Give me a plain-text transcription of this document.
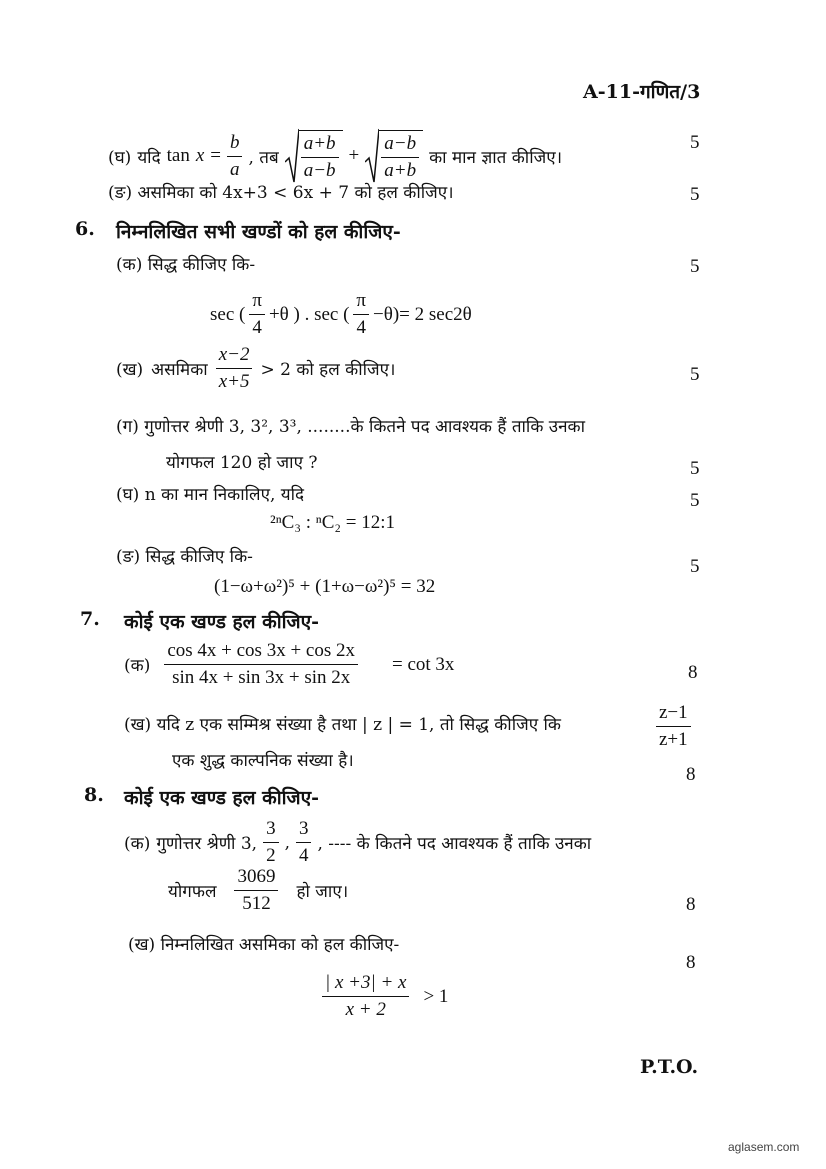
A-11-गणित/3
(घ) यदि $\tan x = \frac{b}{a}$ , तब $\frac{a+b}{a-b} + \frac{a-b}{a+b}$ का मान ज्ञात कीजिए।
5
(ङ) असमिका को 4x+3 < 6x + 7 को हल कीजिए।	5
6. निम्नलिखित सभी खण्डों को हल कीजिए-
(क) सिद्ध कीजिए कि-	5
sec ( $\frac{\pi}{4} +\theta$ ) . sec ( $\frac{\pi}{4} -\theta)= 2$ sec2θ
(ख) असमिका $\frac{x-2}{x+5} > 2$ को हल कीजिए।	5
(ग) गुणोत्तर श्रेणी 3, 3², 3³, ........के कितने पद आवश्यक हैं ताकि उनका
योगफल 120 हो जाए ?	5
(घ) n का मान निकालिए, यदि	5
²ⁿC₃ : ⁿC₂ = 12:1
(ङ) सिद्ध कीजिए कि-	5
(1−ω+ω²)⁵ + (1+ω−ω²)⁵ = 32
7. कोई एक खण्ड हल कीजिए-
(क) $\frac{\cos 4x + \cos 3x + \cos 2x}{\sin 4x + \sin 3x + \sin 2x} = \cot 3x$	8
(ख) यदि z एक सम्मिश्र संख्या है तथा | z | = 1, तो सिद्ध कीजिए कि	$\frac{z-1}{z+1}$
एक शुद्ध काल्पनिक संख्या है।
8
8. कोई एक खण्ड हल कीजिए-
(क) गुणोत्तर श्रेणी 3, $\frac{3}{2}$ , $\frac{3}{4}$ , ---- के कितने पद आवश्यक हैं ताकि उनका
योगफल $\frac{3069}{512}$ हो जाए।
8
(ख) निम्नलिखित असमिका को हल कीजिए-
8
$\frac{| x +3| + x}{x + 2} > 1$
P.T.O.
aglasem.com
